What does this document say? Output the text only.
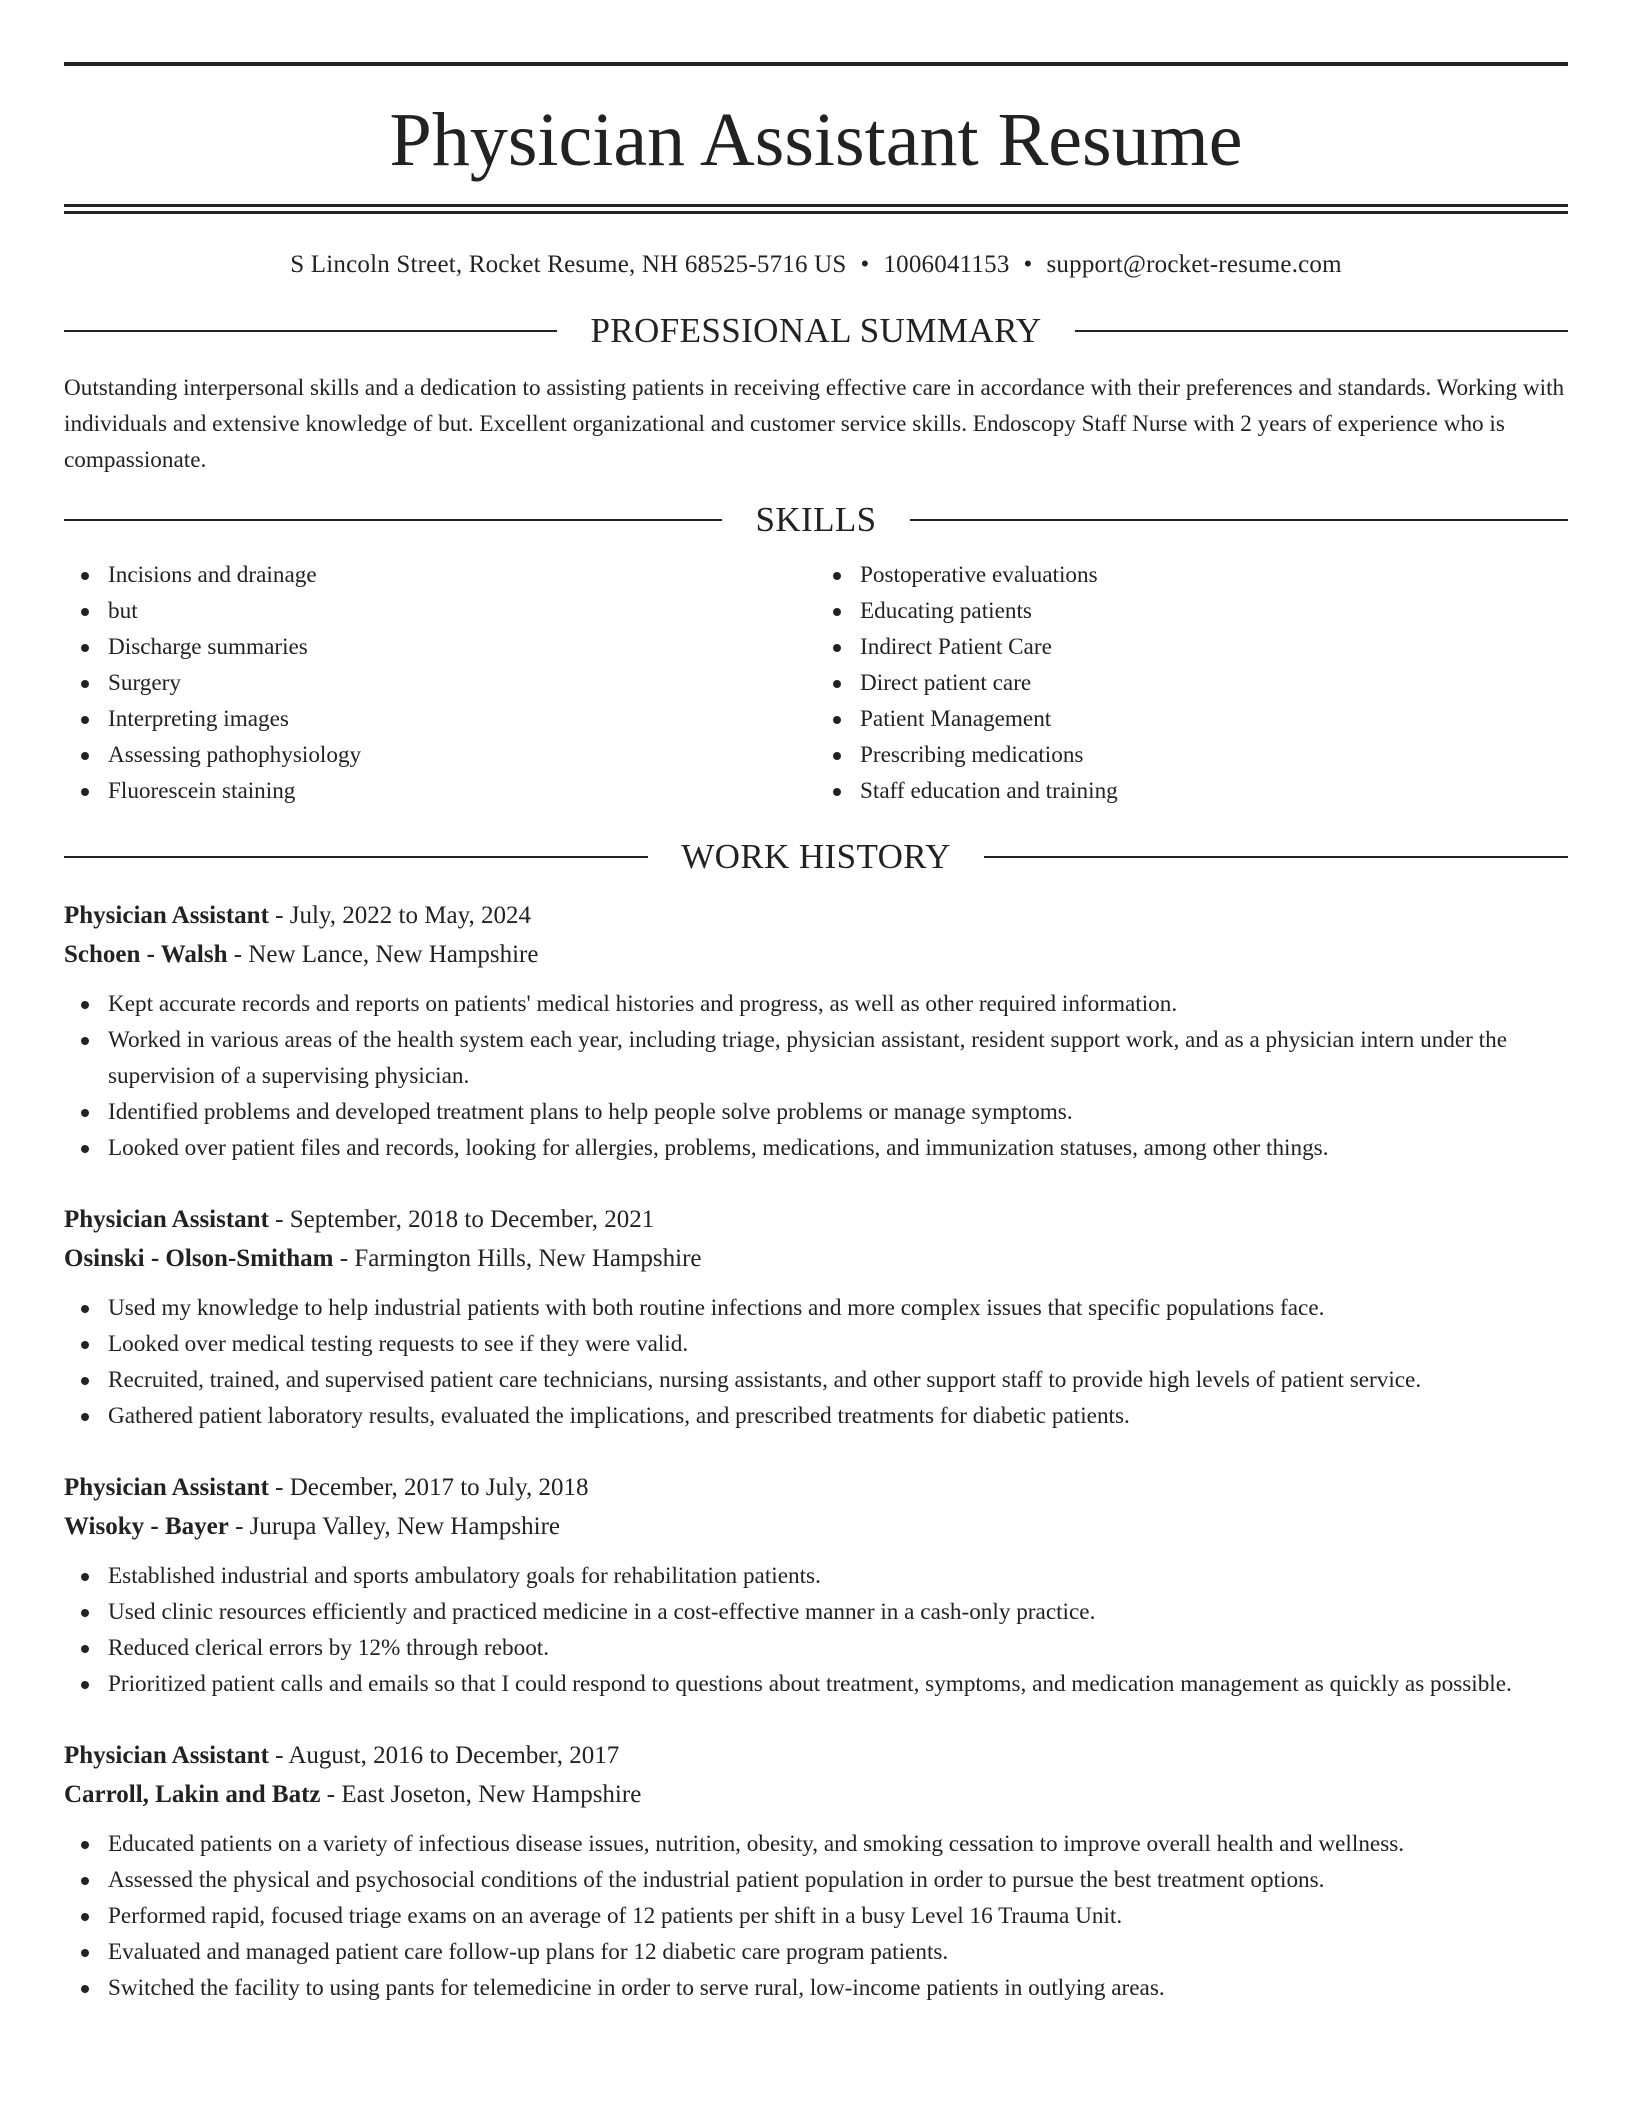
Physician Assistant Resume
S Lincoln Street, Rocket Resume, NH 68525-5716 US • 1006041153 • support@rocket-resume.com
PROFESSIONAL SUMMARY

Outstanding interpersonal skills and a dedication to assisting patients in receiving effective care in accordance with their preferences and standards. Working with individuals and extensive knowledge of but. Excellent organizational and customer service skills. Endoscopy Staff Nurse with 2 years of experience who is compassionate.

SKILLS
Incisions and drainage
but
Discharge summaries
Surgery
Interpreting images
Assessing pathophysiology
Fluorescein staining
Postoperative evaluations
Educating patients
Indirect Patient Care
Direct patient care
Patient Management
Prescribing medications
Staff education and training
WORK HISTORY
Physician Assistant - July, 2022 to May, 2024
Schoen - Walsh - New Lance, New Hampshire
Kept accurate records and reports on patients' medical histories and progress, as well as other required information.
Worked in various areas of the health system each year, including triage, physician assistant, resident support work, and as a physician intern under the supervision of a supervising physician.
Identified problems and developed treatment plans to help people solve problems or manage symptoms.
Looked over patient files and records, looking for allergies, problems, medications, and immunization statuses, among other things.
Physician Assistant - September, 2018 to December, 2021
Osinski - Olson-Smitham - Farmington Hills, New Hampshire
Used my knowledge to help industrial patients with both routine infections and more complex issues that specific populations face.
Looked over medical testing requests to see if they were valid.
Recruited, trained, and supervised patient care technicians, nursing assistants, and other support staff to provide high levels of patient service.
Gathered patient laboratory results, evaluated the implications, and prescribed treatments for diabetic patients.
Physician Assistant - December, 2017 to July, 2018
Wisoky - Bayer - Jurupa Valley, New Hampshire
Established industrial and sports ambulatory goals for rehabilitation patients.
Used clinic resources efficiently and practiced medicine in a cost-effective manner in a cash-only practice.
Reduced clerical errors by 12% through reboot.
Prioritized patient calls and emails so that I could respond to questions about treatment, symptoms, and medication management as quickly as possible.
Physician Assistant - August, 2016 to December, 2017
Carroll, Lakin and Batz - East Joseton, New Hampshire
Educated patients on a variety of infectious disease issues, nutrition, obesity, and smoking cessation to improve overall health and wellness.
Assessed the physical and psychosocial conditions of the industrial patient population in order to pursue the best treatment options.
Performed rapid, focused triage exams on an average of 12 patients per shift in a busy Level 16 Trauma Unit.
Evaluated and managed patient care follow-up plans for 12 diabetic care program patients.
Switched the facility to using pants for telemedicine in order to serve rural, low-income patients in outlying areas.
